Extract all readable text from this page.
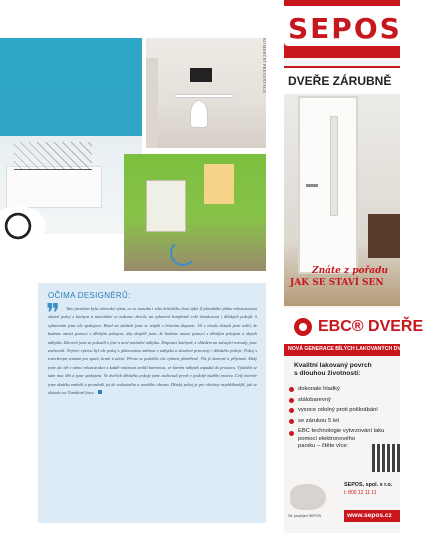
KOMERČNÍ PREZENTACE
OČIMA DESIGNÉRŮ:
❞	Tato proměna byla obrovská výzva, co se rozsahu i toho kritického času týká. Z původního plánu rekonstruovat obytné pokoj s kuchyní a navrátilné se nakonec zhotilo na vybavení kompletně celé domácnosti i dětských pokojů. S vybavením jsme ale spokojeni. Hned na začátek jsme se trápili s řešením dispozic. Už v úvodu dotazů jsme tušili, že budeme muset pomoci s dětským pokojem, aby dospělí jsme, že budeme muset pomoci s dětským pokojem a zbytek nábytku. Zároveň jsme se pokusili o jiné a nové umístění nábytku. Dispozici kuchyně, s ohledem na stávající rozvody, jsme zachovali. Nejvíce výzvou byl ale pokoj s plánovanou změnou v nábytku a sloučení pracovny i dětského pokoje. Pokoj s rozvrženým zónami pro spaní, hraní a učení. Přesto se podařilo vše vybavit přiměřeně. Vše je barevné a příjemné. Malý jsme ale též v rámci rekonstrukce z každé místnosti zvolili barevnost, ve kterém nábytek zapadal do prostoru. Výsledek se nám moc líbí a jsme spokojeni. Ve dveřích dětského pokoje jsme zachovali prvek v podobě malého motivu. Celý interiér jsme zkrátka změnili a proměnili jej do radostného a veselého obrazu. Dětský pokoj je pro všechny nejoblíbenější, jak se ukázalo na Tomášově fotce.

SEPOS
DVEŘE ZÁRUBNĚ
Znáte z pořadu
JAK SE STAVÍ SEN
EBC® DVEŘE
NOVÁ GENERACE BÍLÝCH LAKOVANÝCH DVEŘÍ
Kvalitní lakovaný povrch
s dlouhou životností:
dokonale hladký
stálobarevný
vysoce odolný proti poškrábání
se zárukou 5 let
EBC technologie vytvrzování laku
pomocí elektronového
parsku – čtěte více:
Síť prodejen SEPOS
SEPOS, spol. s r.o.
t: 800 12 11 11
www.sepos.cz
